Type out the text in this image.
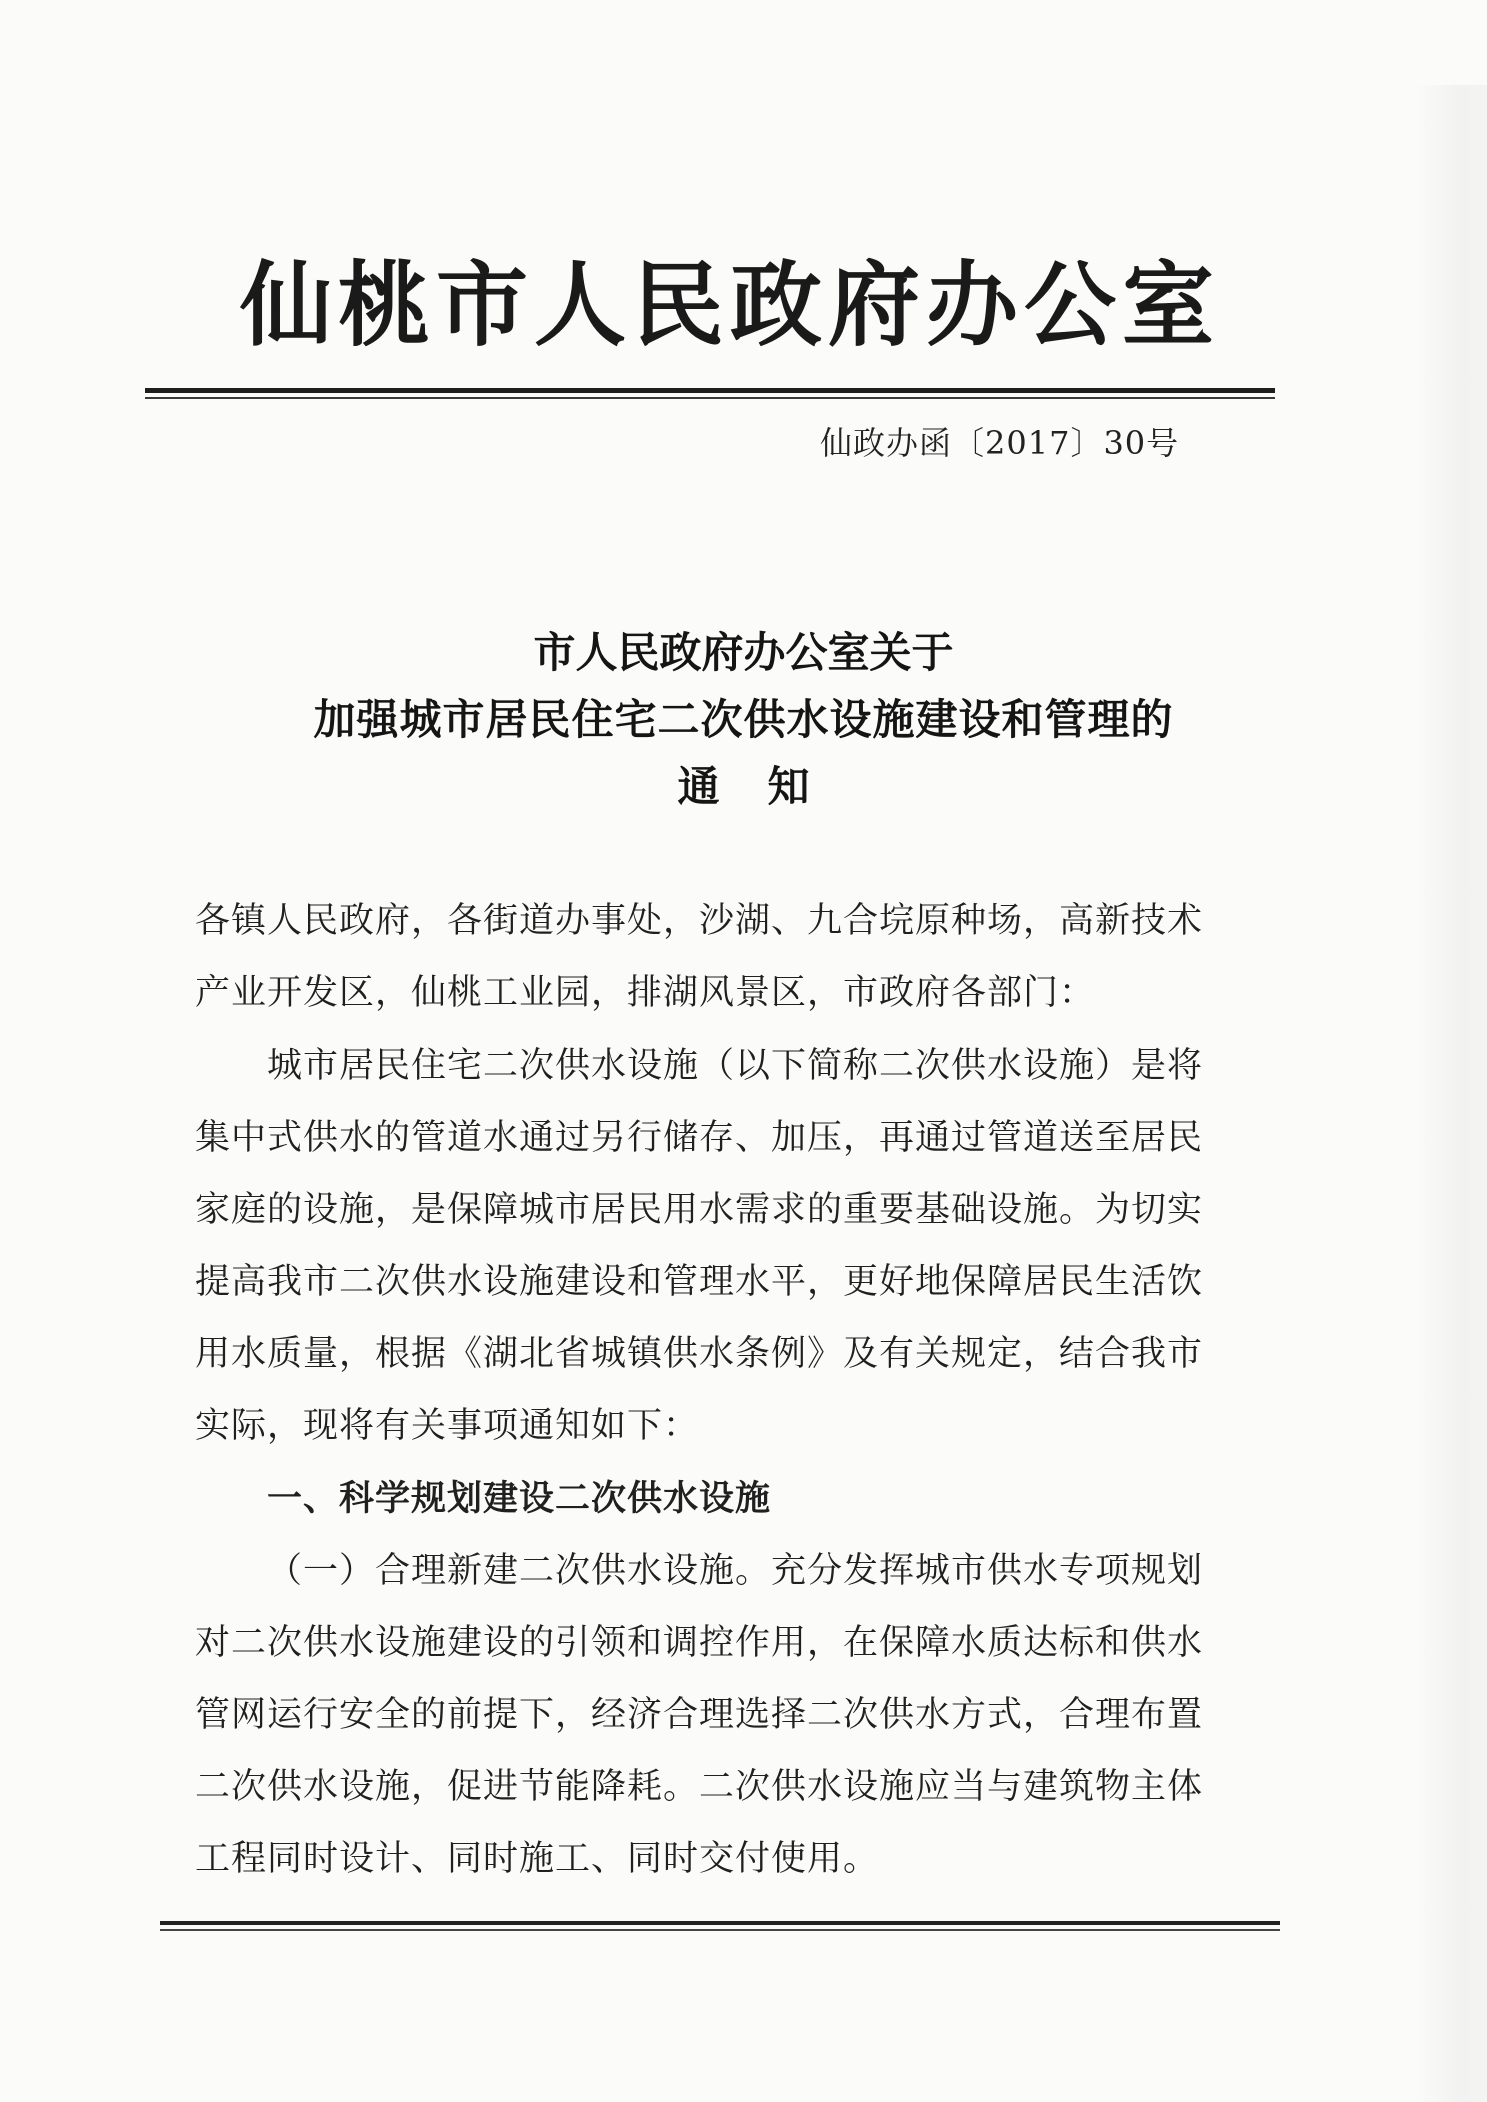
仙桃市人民政府办公室
仙政办函〔2017〕30号
市人民政府办公室关于
加强城市居民住宅二次供水设施建设和管理的
通知
各镇人民政府，各街道办事处，沙湖、九合垸原种场，高新技术
产业开发区，仙桃工业园，排湖风景区，市政府各部门：
城市居民住宅二次供水设施（以下简称二次供水设施）是将
集中式供水的管道水通过另行储存、加压，再通过管道送至居民
家庭的设施，是保障城市居民用水需求的重要基础设施。为切实
提高我市二次供水设施建设和管理水平，更好地保障居民生活饮
用水质量，根据《湖北省城镇供水条例》及有关规定，结合我市
实际，现将有关事项通知如下：
一、科学规划建设二次供水设施
（一）合理新建二次供水设施。充分发挥城市供水专项规划
对二次供水设施建设的引领和调控作用，在保障水质达标和供水
管网运行安全的前提下，经济合理选择二次供水方式，合理布置
二次供水设施，促进节能降耗。二次供水设施应当与建筑物主体
工程同时设计、同时施工、同时交付使用。
